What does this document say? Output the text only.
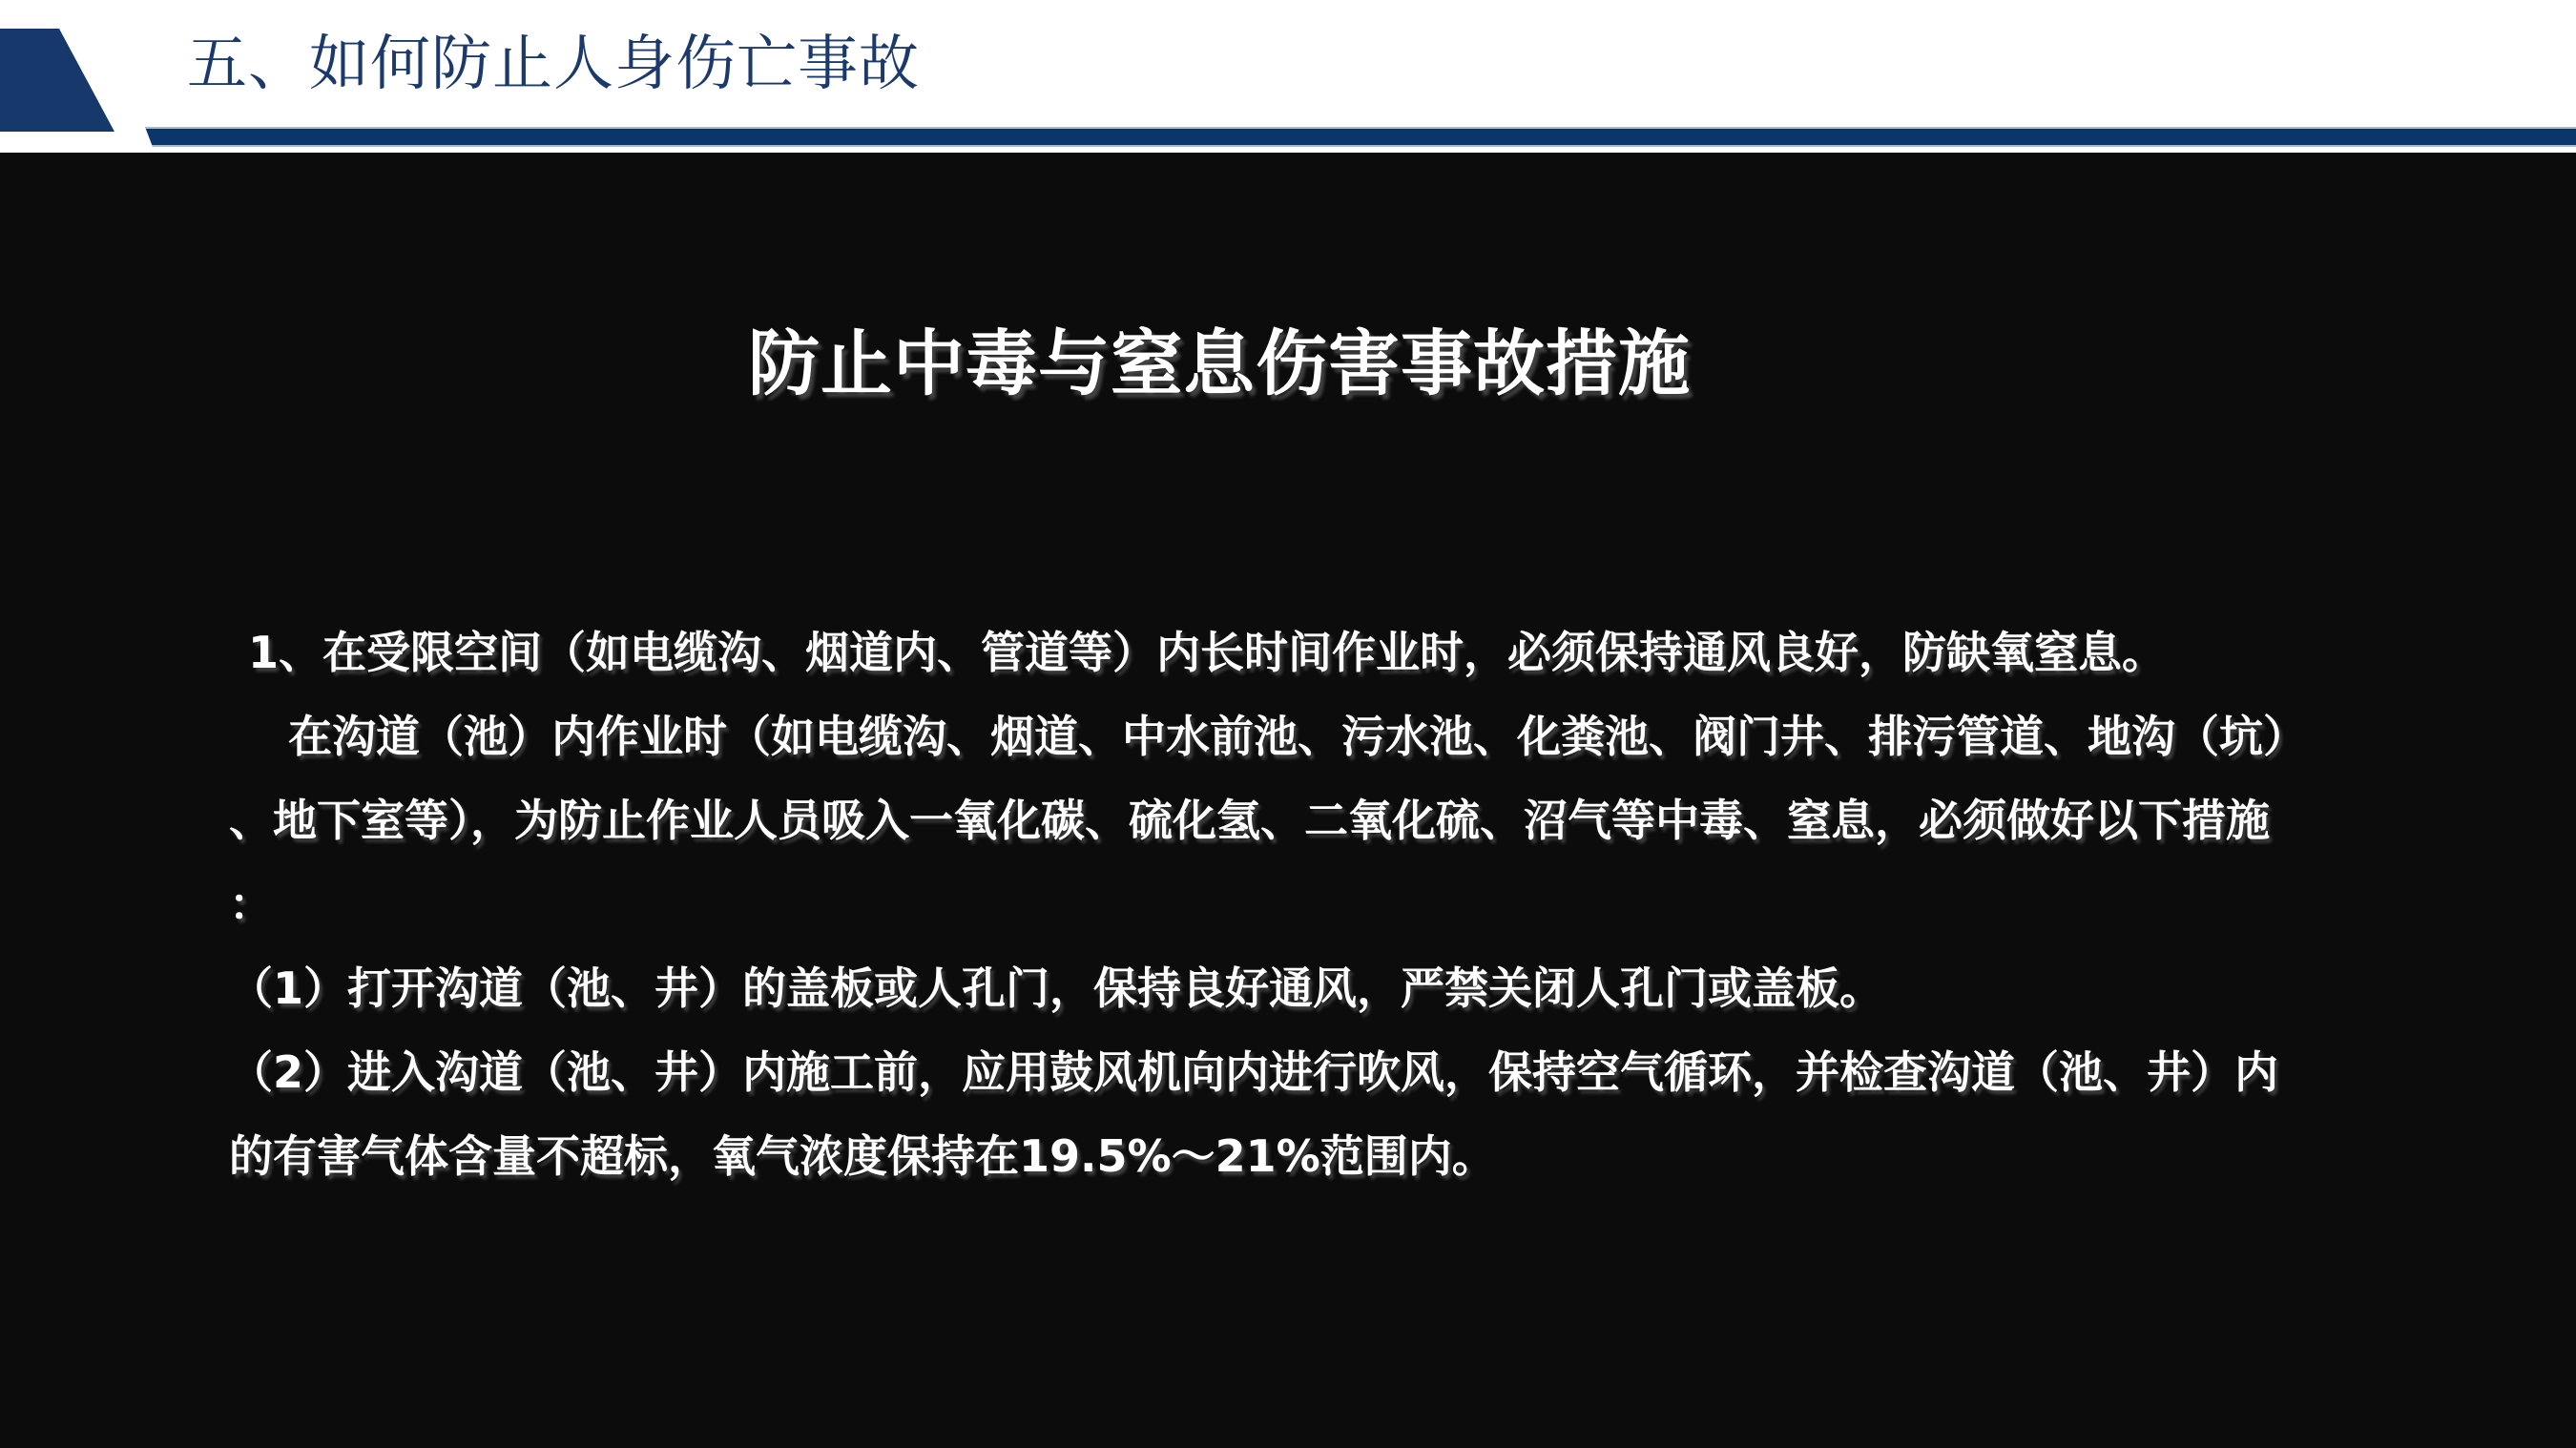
五、如何防止人身伤亡事故
防止中毒与窒息伤害事故措施

1、在受限空间（如电缆沟、烟道内、管道等）内长时间作业时，必须保持通风良好，防缺氧窒息。

在沟道（池）内作业时（如电缆沟、烟道、中水前池、污水池、化粪池、阀门井、排污管道、地沟（坑）

、地下室等），为防止作业人员吸入一氧化碳、硫化氢、二氧化硫、沼气等中毒、窒息，必须做好以下措施

：

（1）打开沟道（池、井）的盖板或人孔门，保持良好通风，严禁关闭人孔门或盖板。

（2）进入沟道（池、井）内施工前，应用鼓风机向内进行吹风，保持空气循环，并检查沟道（池、井）内

的有害气体含量不超标，氧气浓度保持在19.5%～21%范围内。
